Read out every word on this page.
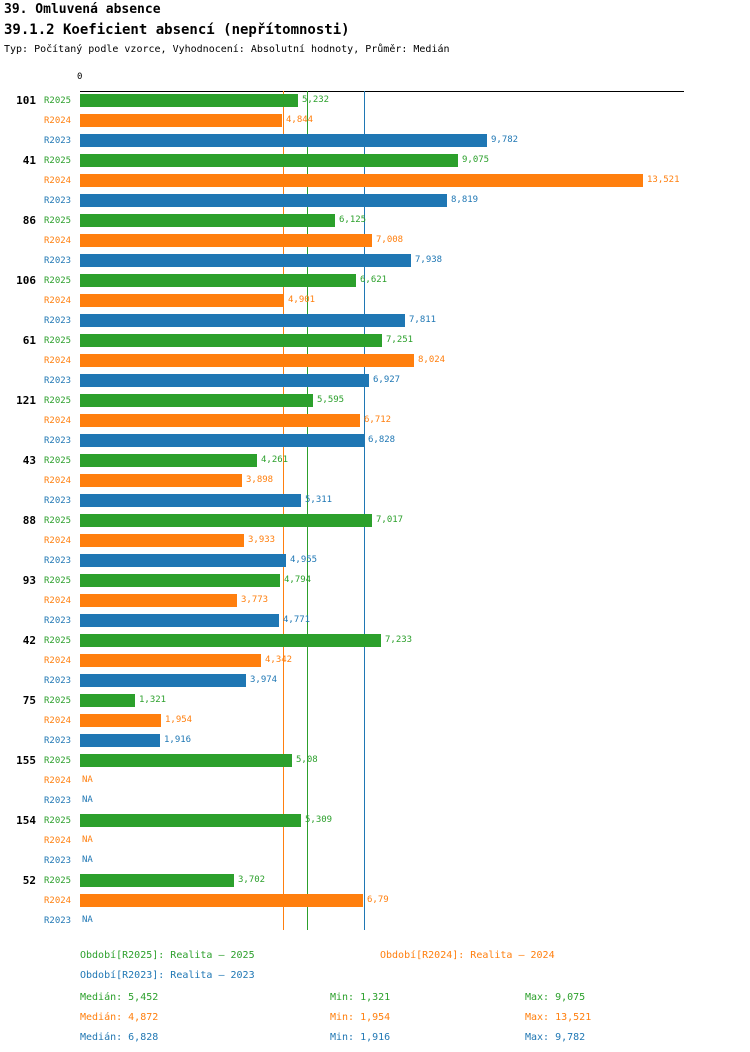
39. Omluvená absence
39.1.2 Koeficient absencí (nepřítomnosti)
Typ: Počítaný podle vzorce, Vyhodnocení: Absolutní hodnoty, Průměr: Medián
0
101 R2025	5,232
R2024	4,844
R2023	9,782
41 R2025	9,075
R2024	13,521
R2023	8,819
86 R2025	6,125
R2024	7,008
R2023	7,938
106 R2025	6,621
R2024	4,901
R2023	7,811
61 R2025	7,251
R2024	8,024
R2023	6,927
121 R2025	5,595
R2024	6,712
R2023	6,828
43 R2025	4,261
R2024	3,898
R2023	5,311
88 R2025	7,017
R2024	3,933
R2023	4,955
93 R2025	4,794
R2024	3,773
R2023	4,771
42 R2025	7,233
R2024	4,342
R2023	3,974
75 R2025	1,321
R2024	1,954
R2023	1,916
155 R2025	5,08
R2024 NA
R2023 NA
154 R2025	5,309
R2024 NA
R2023 NA
52 R2025	3,702
R2024	6,79
R2023 NA
Období[R2025]: Realita – 2025	Období[R2024]: Realita – 2024
Období[R2023]: Realita – 2023
Medián: 5,452	Min: 1,321	Max: 9,075
Medián: 4,872	Min: 1,954	Max: 13,521
Medián: 6,828	Min: 1,916	Max: 9,782
